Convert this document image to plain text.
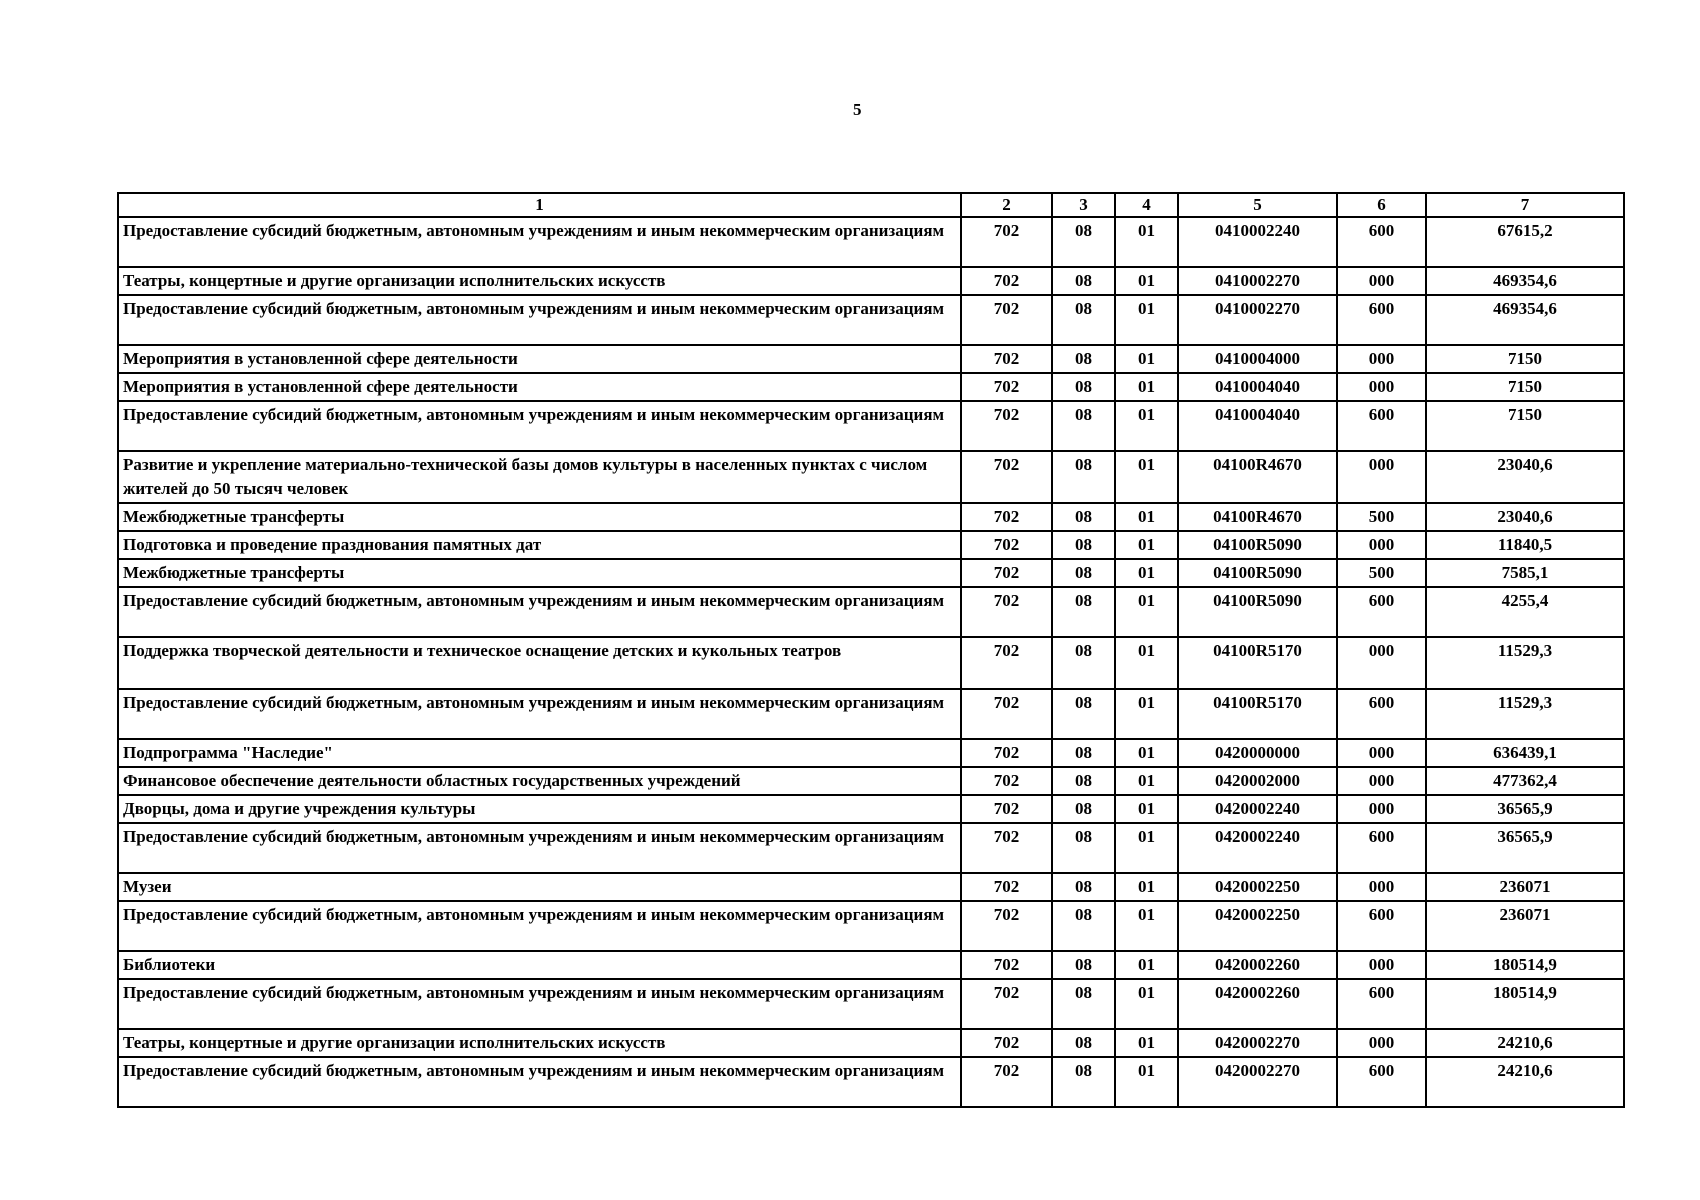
5
1	2	3	4	5	6	7
Предоставление субсидий бюджетным, автономным учреждениям и иным некоммерческим организациям	702	08	01	0410002240	600	67615,2
Театры, концертные и другие организации исполнительских искусств	702	08	01	0410002270	000	469354,6
Предоставление субсидий бюджетным, автономным учреждениям и иным некоммерческим организациям	702	08	01	0410002270	600	469354,6
Мероприятия в установленной сфере деятельности	702	08	01	0410004000	000	7150
Мероприятия в установленной сфере деятельности	702	08	01	0410004040	000	7150
Предоставление субсидий бюджетным, автономным учреждениям и иным некоммерческим организациям	702	08	01	0410004040	600	7150
Развитие и укрепление материально-технической базы домов культуры в населенных пунктах с числом жителей до 50 тысяч человек	702	08	01	04100R4670	000	23040,6
Межбюджетные трансферты	702	08	01	04100R4670	500	23040,6
Подготовка и проведение празднования памятных дат	702	08	01	04100R5090	000	11840,5
Межбюджетные трансферты	702	08	01	04100R5090	500	7585,1
Предоставление субсидий бюджетным, автономным учреждениям и иным некоммерческим организациям	702	08	01	04100R5090	600	4255,4
Поддержка творческой деятельности и техническое оснащение детских и кукольных театров	702	08	01	04100R5170	000	11529,3
Предоставление субсидий бюджетным, автономным учреждениям и иным некоммерческим организациям	702	08	01	04100R5170	600	11529,3
Подпрограмма "Наследие"	702	08	01	0420000000	000	636439,1
Финансовое обеспечение деятельности областных государственных учреждений	702	08	01	0420002000	000	477362,4
Дворцы, дома и другие учреждения культуры	702	08	01	0420002240	000	36565,9
Предоставление субсидий бюджетным, автономным учреждениям и иным некоммерческим организациям	702	08	01	0420002240	600	36565,9
Музеи	702	08	01	0420002250	000	236071
Предоставление субсидий бюджетным, автономным учреждениям и иным некоммерческим организациям	702	08	01	0420002250	600	236071
Библиотеки	702	08	01	0420002260	000	180514,9
Предоставление субсидий бюджетным, автономным учреждениям и иным некоммерческим организациям	702	08	01	0420002260	600	180514,9
Театры, концертные и другие организации исполнительских искусств	702	08	01	0420002270	000	24210,6
Предоставление субсидий бюджетным, автономным учреждениям и иным некоммерческим организациям	702	08	01	0420002270	600	24210,6
